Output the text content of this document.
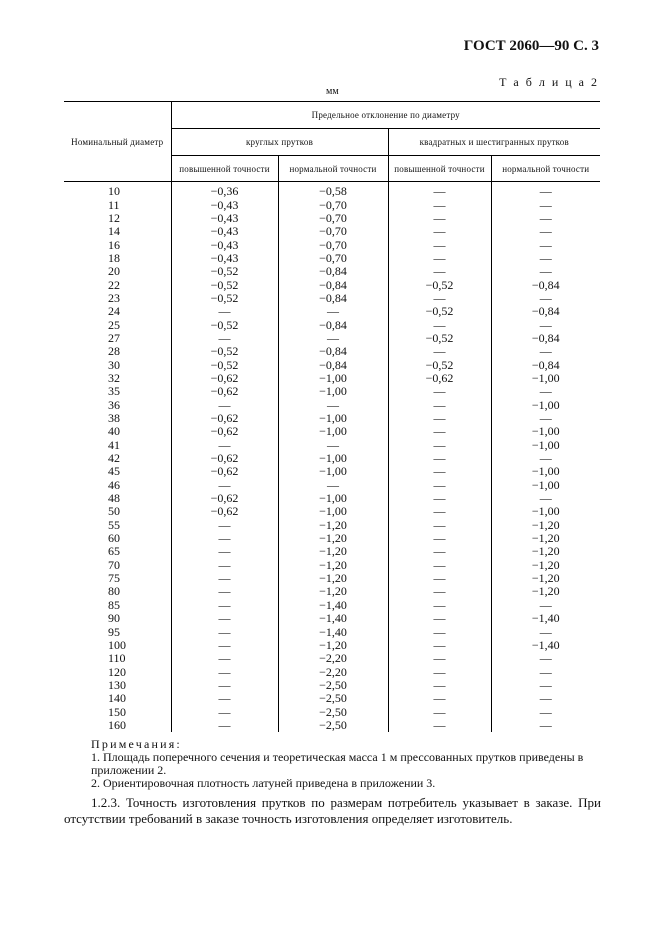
ГОСТ 2060—90 С. 3
Т а б л и ц а 2
мм
Номинальный диаметр	Предельное отклонение по диаметру			
	круглых прутков		квадратных и шестигранных прутков	
	повышенной точности	нормальной точности	повышенной точности	нормальной точности
10	−0,36	−0,58	—	—
11	−0,43	−0,70	—	—
12	−0,43	−0,70	—	—
14	−0,43	−0,70	—	—
16	−0,43	−0,70	—	—
18	−0,43	−0,70	—	—
20	−0,52	−0,84	—	—
22	−0,52	−0,84	−0,52	−0,84
23	−0,52	−0,84	—	—
24	—	—	−0,52	−0,84
25	−0,52	−0,84	—	—
27	—	—	−0,52	−0,84
28	−0,52	−0,84	—	—
30	−0,52	−0,84	−0,52	−0,84
32	−0,62	−1,00	−0,62	−1,00
35	−0,62	−1,00	—	—
36	—	—	—	−1,00
38	−0,62	−1,00	—	—
40	−0,62	−1,00	—	−1,00
41	—	—	—	−1,00
42	−0,62	−1,00	—	—
45	−0,62	−1,00	—	−1,00
46	—	—	—	−1,00
48	−0,62	−1,00	—	—
50	−0,62	−1,00	—	−1,00
55	—	−1,20	—	−1,20
60	—	−1,20	—	−1,20
65	—	−1,20	—	−1,20
70	—	−1,20	—	−1,20
75	—	−1,20	—	−1,20
80	—	−1,20	—	−1,20
85	—	−1,40	—	—
90	—	−1,40	—	−1,40
95	—	−1,40	—	—
100	—	−1,20	—	−1,40
110	—	−2,20	—	—
120	—	−2,20	—	—
130	—	−2,50	—	—
140	—	−2,50	—	—
150	—	−2,50	—	—
160	—	−2,50	—	—

Примечания:

1. Площадь поперечного сечения и теоретическая масса 1 м прессованных прутков приведены в приложении 2.

2. Ориентировочная плотность латуней приведена в приложении 3.

1.2.3. Точность изготовления прутков по размерам потребитель указывает в заказе. При отсутствии требований в заказе точность изготовления определяет изготовитель.
